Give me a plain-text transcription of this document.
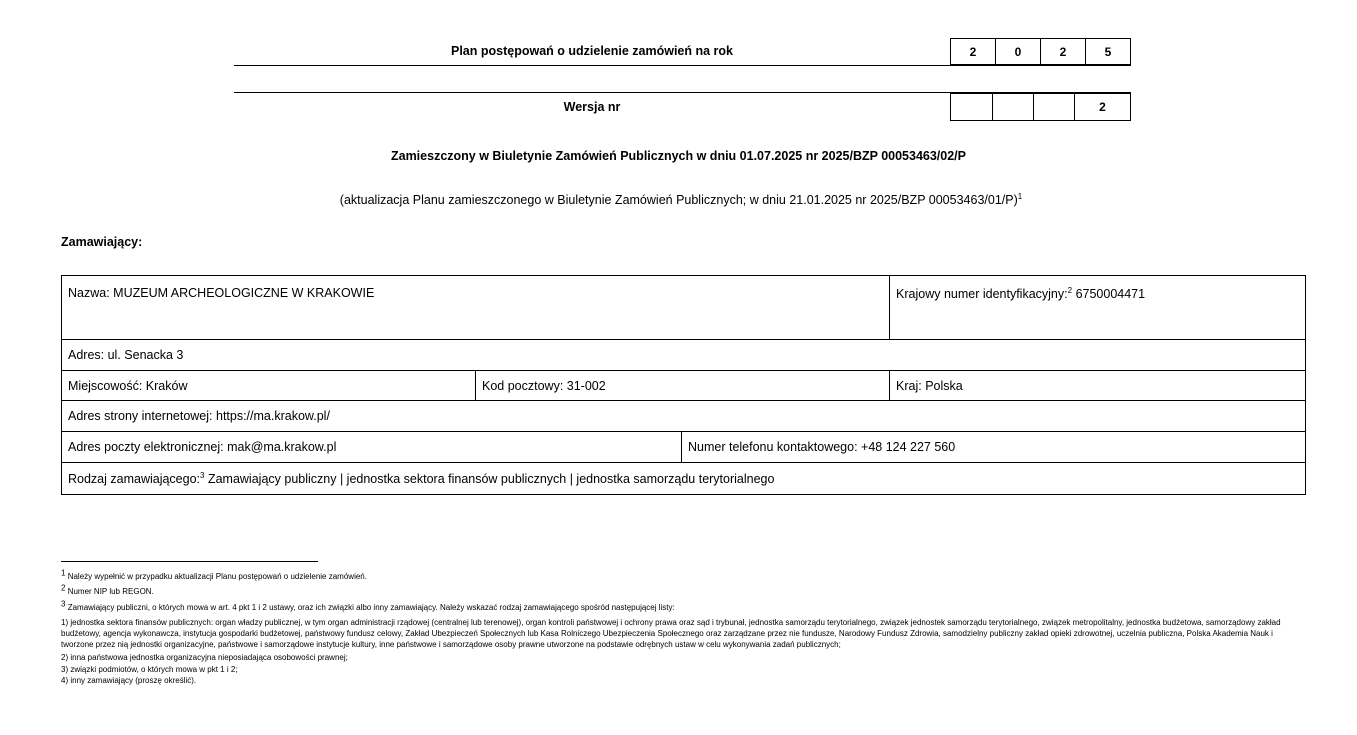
Plan postępowań o udzielenie zamówień na rok	2	0	2	5
Wersja nr	2
Zamieszczony w Biuletynie Zamówień Publicznych w dniu 01.07.2025 nr 2025/BZP 00053463/02/P
(aktualizacja Planu zamieszczonego w Biuletynie Zamówień Publicznych; w dniu 21.01.2025 nr 2025/BZP 00053463/01/P)$^1$
Zamawiający:
Nazwa: MUZEUM ARCHEOLOGICZNE W KRAKOWIE			Krajowy numer identyfikacyjny:$^2$ 6750004471
Adres: ul. Senacka 3			
Miejscowość: Kraków	Kod pocztowy: 31-002		Kraj: Polska
Adres strony internetowej: https://ma.krakow.pl/			
Adres poczty elektronicznej: mak@ma.krakow.pl		Numer telefonu kontaktowego: +48 124 227 560	
Rodzaj zamawiającego:$^3$ Zamawiający publiczny | jednostka sektora finansów publicznych | jednostka samorządu terytorialnego			
$^1$ Należy wypełnić w przypadku aktualizacji Planu postępowań o udzielenie zamówień.
$^2$ Numer NIP lub REGON.
$^3$ Zamawiający publiczni, o których mowa w art. 4 pkt 1 i 2 ustawy, oraz ich związki albo inny zamawiający. Należy wskazać rodzaj zamawiającego spośród następującej listy:
1) jednostka sektora finansów publicznych: organ władzy publicznej, w tym organ administracji rządowej (centralnej lub terenowej), organ kontroli państwowej i ochrony prawa oraz sąd i trybunał, jednostka samorządu terytorialnego, związek jednostek samorządu terytorialnego, związek metropolitalny, jednostka budżetowa, samorządowy zakład budżetowy, agencja wykonawcza, instytucja gospodarki budżetowej, państwowy fundusz celowy, Zakład Ubezpieczeń Społecznych lub Kasa Rolniczego Ubezpieczenia Społecznego oraz zarządzane przez nie fundusze, Narodowy Fundusz Zdrowia, samodzielny publiczny zakład opieki zdrowotnej, uczelnia publiczna, Polska Akademia Nauk i tworzone przez nią jednostki organizacyjne, państwowe i samorządowe instytucje kultury, inne państwowe i samorządowe osoby prawne utworzone na podstawie odrębnych ustaw w celu wykonywania zadań publicznych;
2) inna państwowa jednostka organizacyjna nieposiadająca osobowości prawnej;
3) związki podmiotów, o których mowa w pkt 1 i 2;
4) inny zamawiający (proszę określić).
